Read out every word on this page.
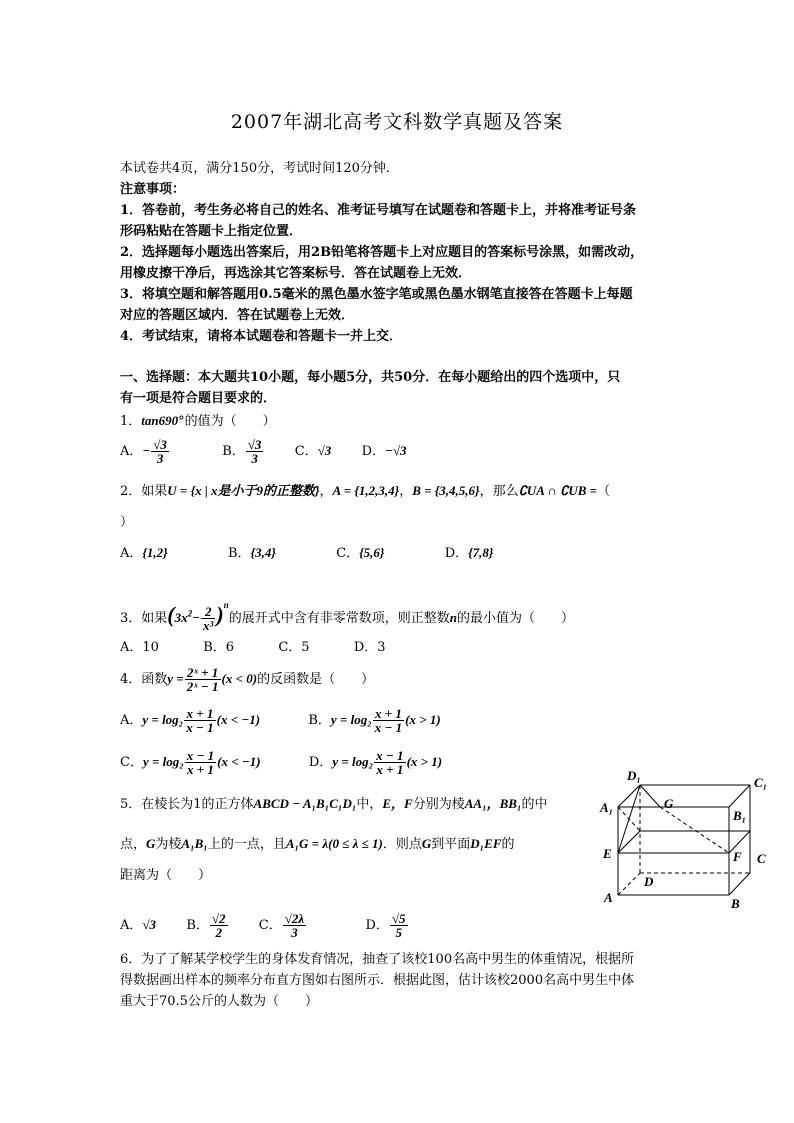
2007年湖北高考文科数学真题及答案
本试卷共4页，满分150分，考试时间120分钟．
注意事项：
1．答卷前，考生务必将自己的姓名、准考证号填写在试题卷和答题卡上，并将准考证号条
形码粘贴在答题卡上指定位置．
2．选择题每小题选出答案后，用2B铅笔将答题卡上对应题目的答案标号涂黑，如需改动，
用橡皮擦干净后，再选涂其它答案标号．答在试题卷上无效．
3．将填空题和解答题用0.5毫米的黑色墨水签字笔或黑色墨水钢笔直接答在答题卡上每题
对应的答题区域内．答在试题卷上无效．
4．考试结束，请将本试题卷和答题卡一并上交．
一、选择题：本大题共10小题，每小题5分，共50分．在每小题给出的四个选项中，只
有一项是符合题目要求的．
1．tan690°的值为（　　）
A．− $\frac{√3}{3}$	B． $\frac{√3}{3}$ C．√3 D．−√3
2．如果U = {x | x是小于9的正整数}，A = {1,2,3,4}，B = {3,4,5,6}，那么∁UA ∩ ∁UB =（
）
A．{1,2}	B．{3,4}	C．{5,6}	D．{7,8}
3．如果$(3x^2- \frac{2}{\text{x³}} )^n$的展开式中含有非零常数项，则正整数n的最小值为（　　）
A．10	B．6	C．5	D．3
4．函数$y = \frac{\text{2ˣ + 1}}{\text{2ˣ − 1}} (x < 0)$的反函数是（　　）
A．$y = \log_2 \frac{x + 1}{x - 1} (x < -1)$	B．$y = \log_2 \frac{x + 1}{x - 1} (x > 1)$
C．$y = \log_2 \frac{x - 1}{x + 1} (x < -1)$	D．$y = \log_2 \frac{x - 1}{x + 1} (x > 1)$
5．在棱长为1的正方体ABCD − A₁B₁C₁D₁中，E，F分别为棱AA₁，BB₁的中
点，G为棱A₁B₁上的一点，且A₁G = λ(0 ≤ λ ≤ 1)．则点G到平面D₁EF的
距离为（　　）
A．√3 B． $\frac{√2}{2}$ C． $\frac{√2\lambda}{3}$	D． $\frac{√5}{5}$
D₁	C₁
A₁	G
B₁
E	F C
D
A	B
6．为了了解某学校学生的身体发育情况，抽查了该校100名高中男生的体重情况，根据所
得数据画出样本的频率分布直方图如右图所示．根据此图，估计该校2000名高中男生中体
重大于70.5公斤的人数为（　　）
